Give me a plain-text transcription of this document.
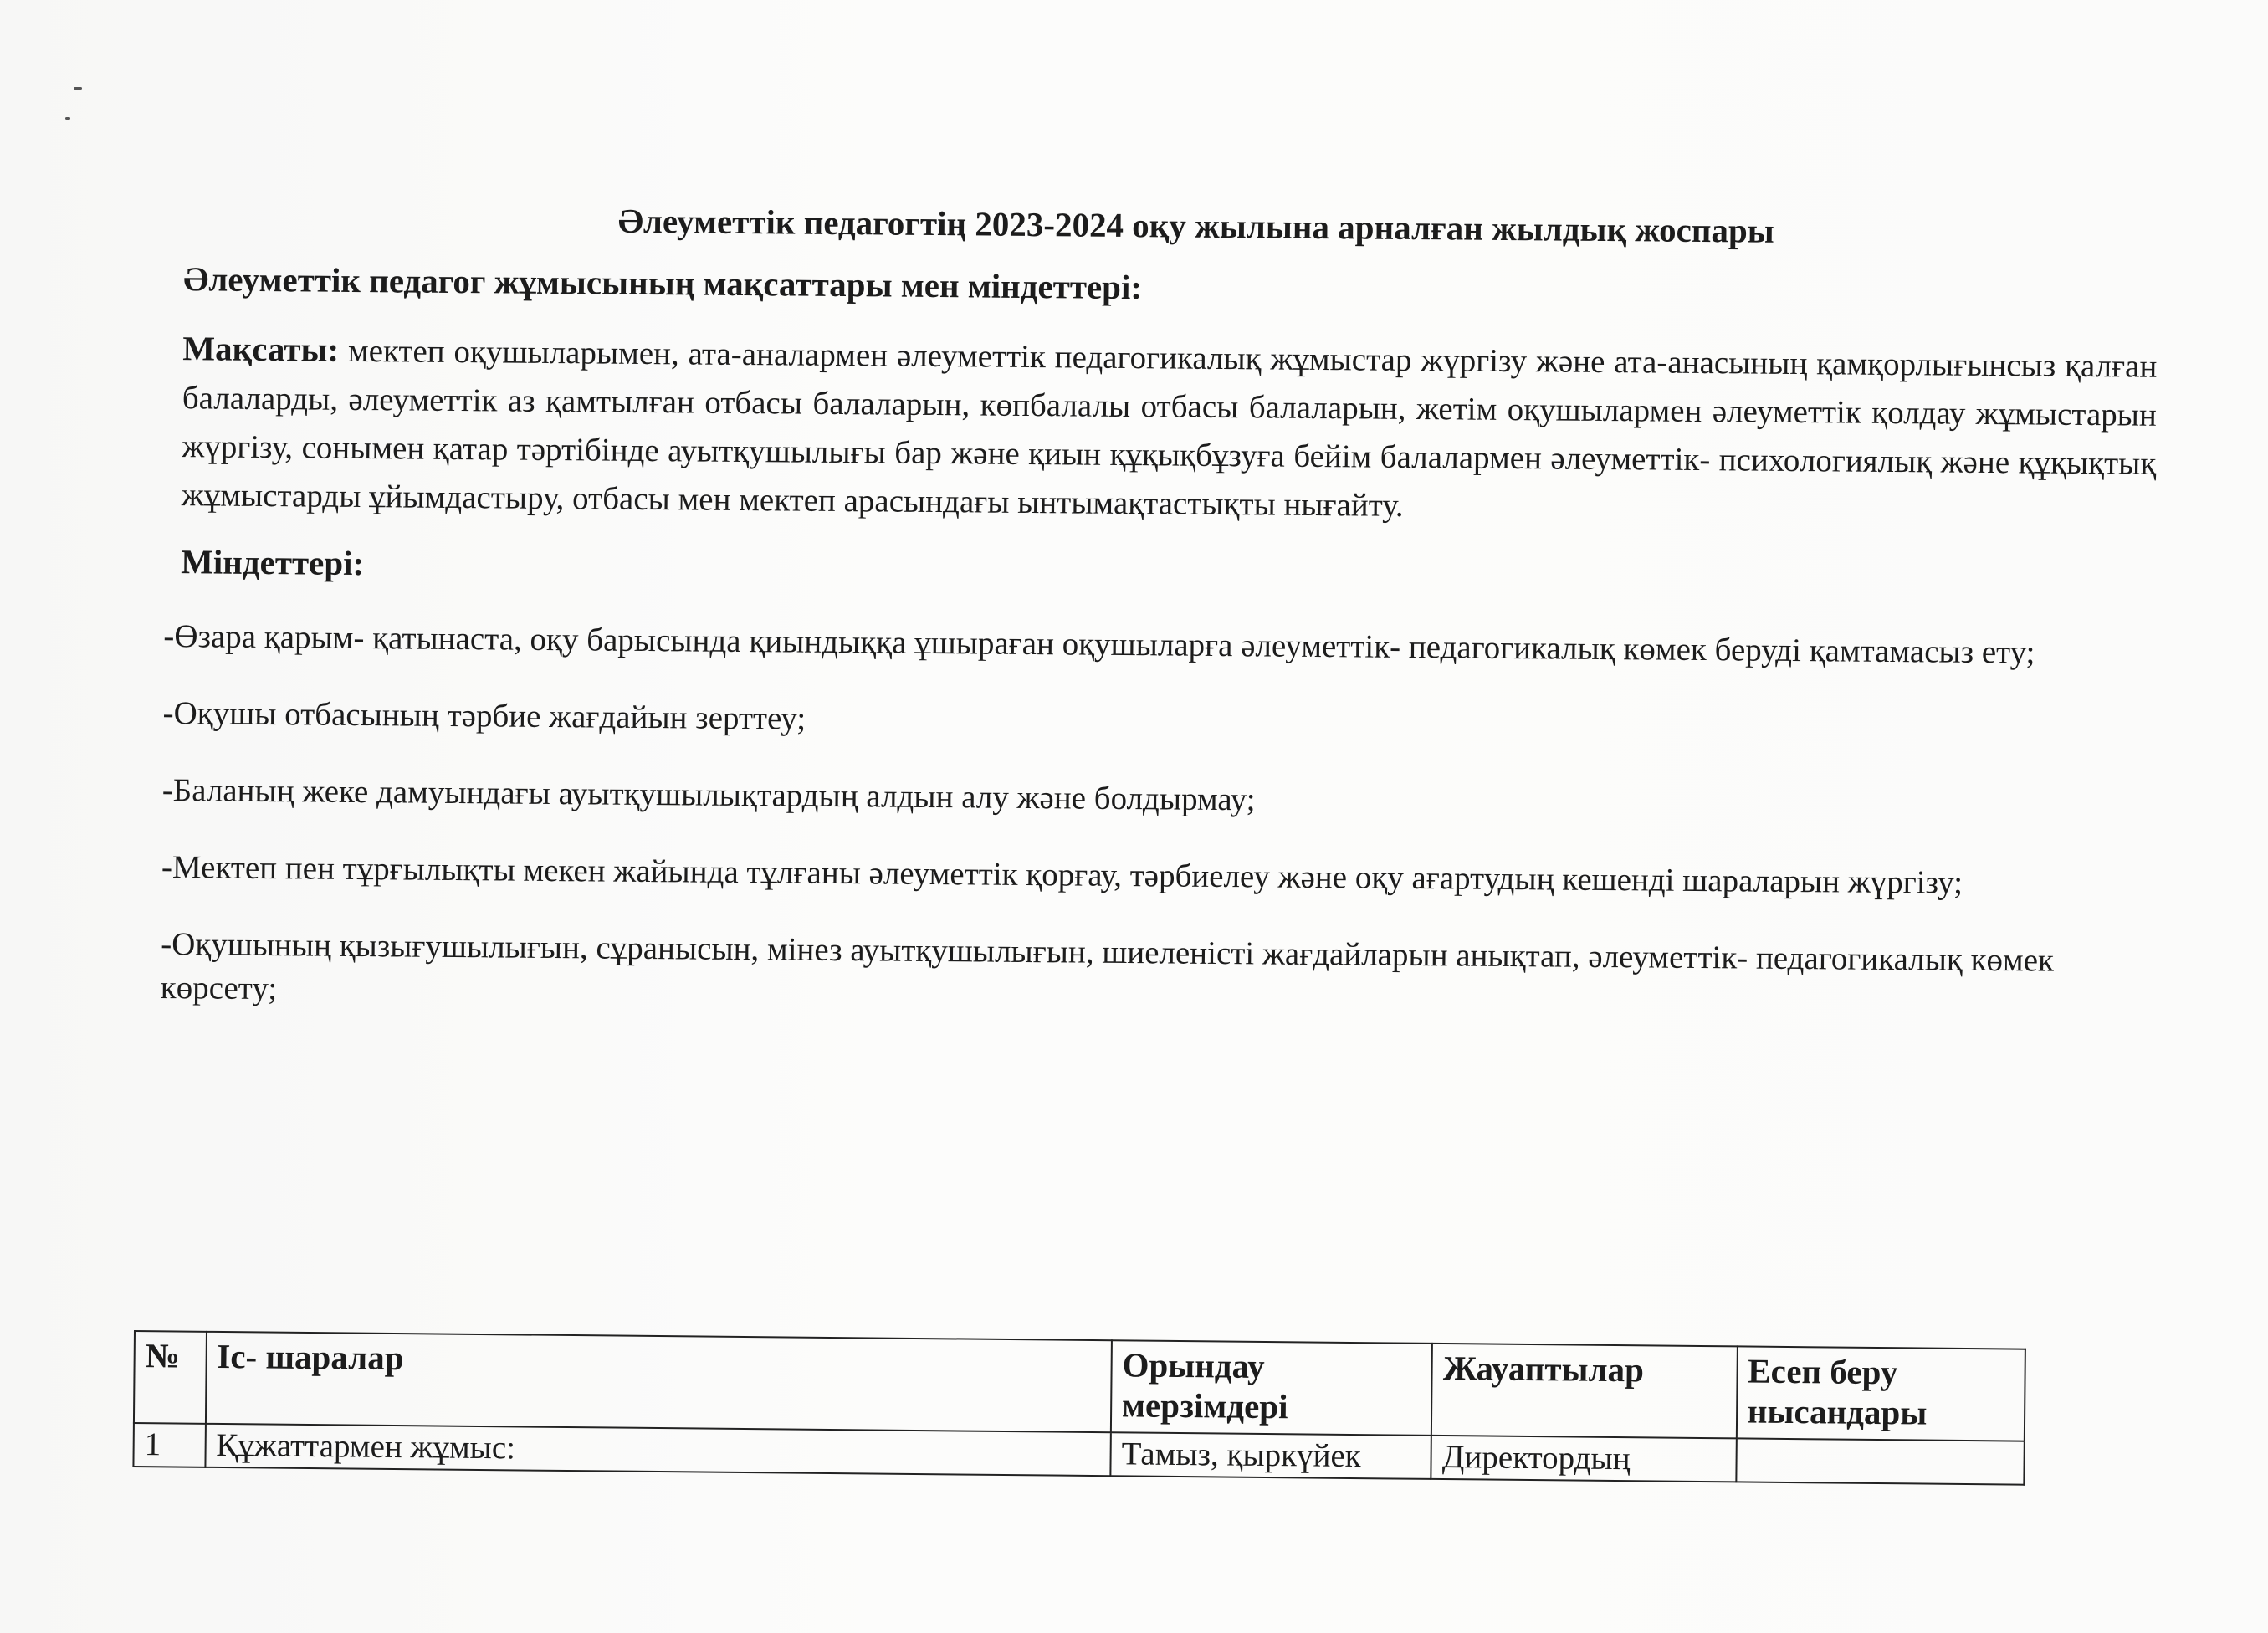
Әлеуметтік педагогтің 2023-2024 оқу жылына арналған жылдық жоспары
Әлеуметтік педагог жұмысының мақсаттары мен міндеттері:

Мақсаты: мектеп оқушыларымен, ата-аналармен әлеуметтік педагогикалық жұмыстар жүргізу және ата-анасының қамқорлығынсыз қалған балаларды, әлеуметтік аз қамтылған отбасы балаларын, көпбалалы отбасы балаларын, жетім оқушылармен әлеуметтік қолдау жұмыстарын жүргізу, сонымен қатар тәртібінде ауытқушылығы бар және қиын құқықбұзуға бейім балалармен әлеуметтік- психологиялық және құқықтық жұмыстарды ұйымдастыру, отбасы мен мектеп арасындағы ынтымақтастықты нығайту.

Міндеттері:

-Өзара қарым- қатынаста, оқу барысында қиындыққа ұшыраған оқушыларға әлеуметтік- педагогикалық көмек беруді қамтамасыз ету;

-Оқушы отбасының тәрбие жағдайын зерттеу;

-Баланың жеке дамуындағы ауытқушылықтардың алдын алу және болдырмау;

-Мектеп пен тұрғылықты мекен жайында тұлғаны әлеуметтік қорғау, тәрбиелеу және оқу ағартудың кешенді шараларын жүргізу;

-Оқушының қызығушылығын, сұранысын, мінез ауытқушылығын, шиеленісті жағдайларын анықтап, әлеуметтік- педагогикалық көмек көрсету;

№	Іс- шаралар	Орындау мерзімдері	Жауаптылар	Есеп беру нысандары
1	Құжаттармен жұмыс:	Тамыз, қыркүйек	Директордың	
